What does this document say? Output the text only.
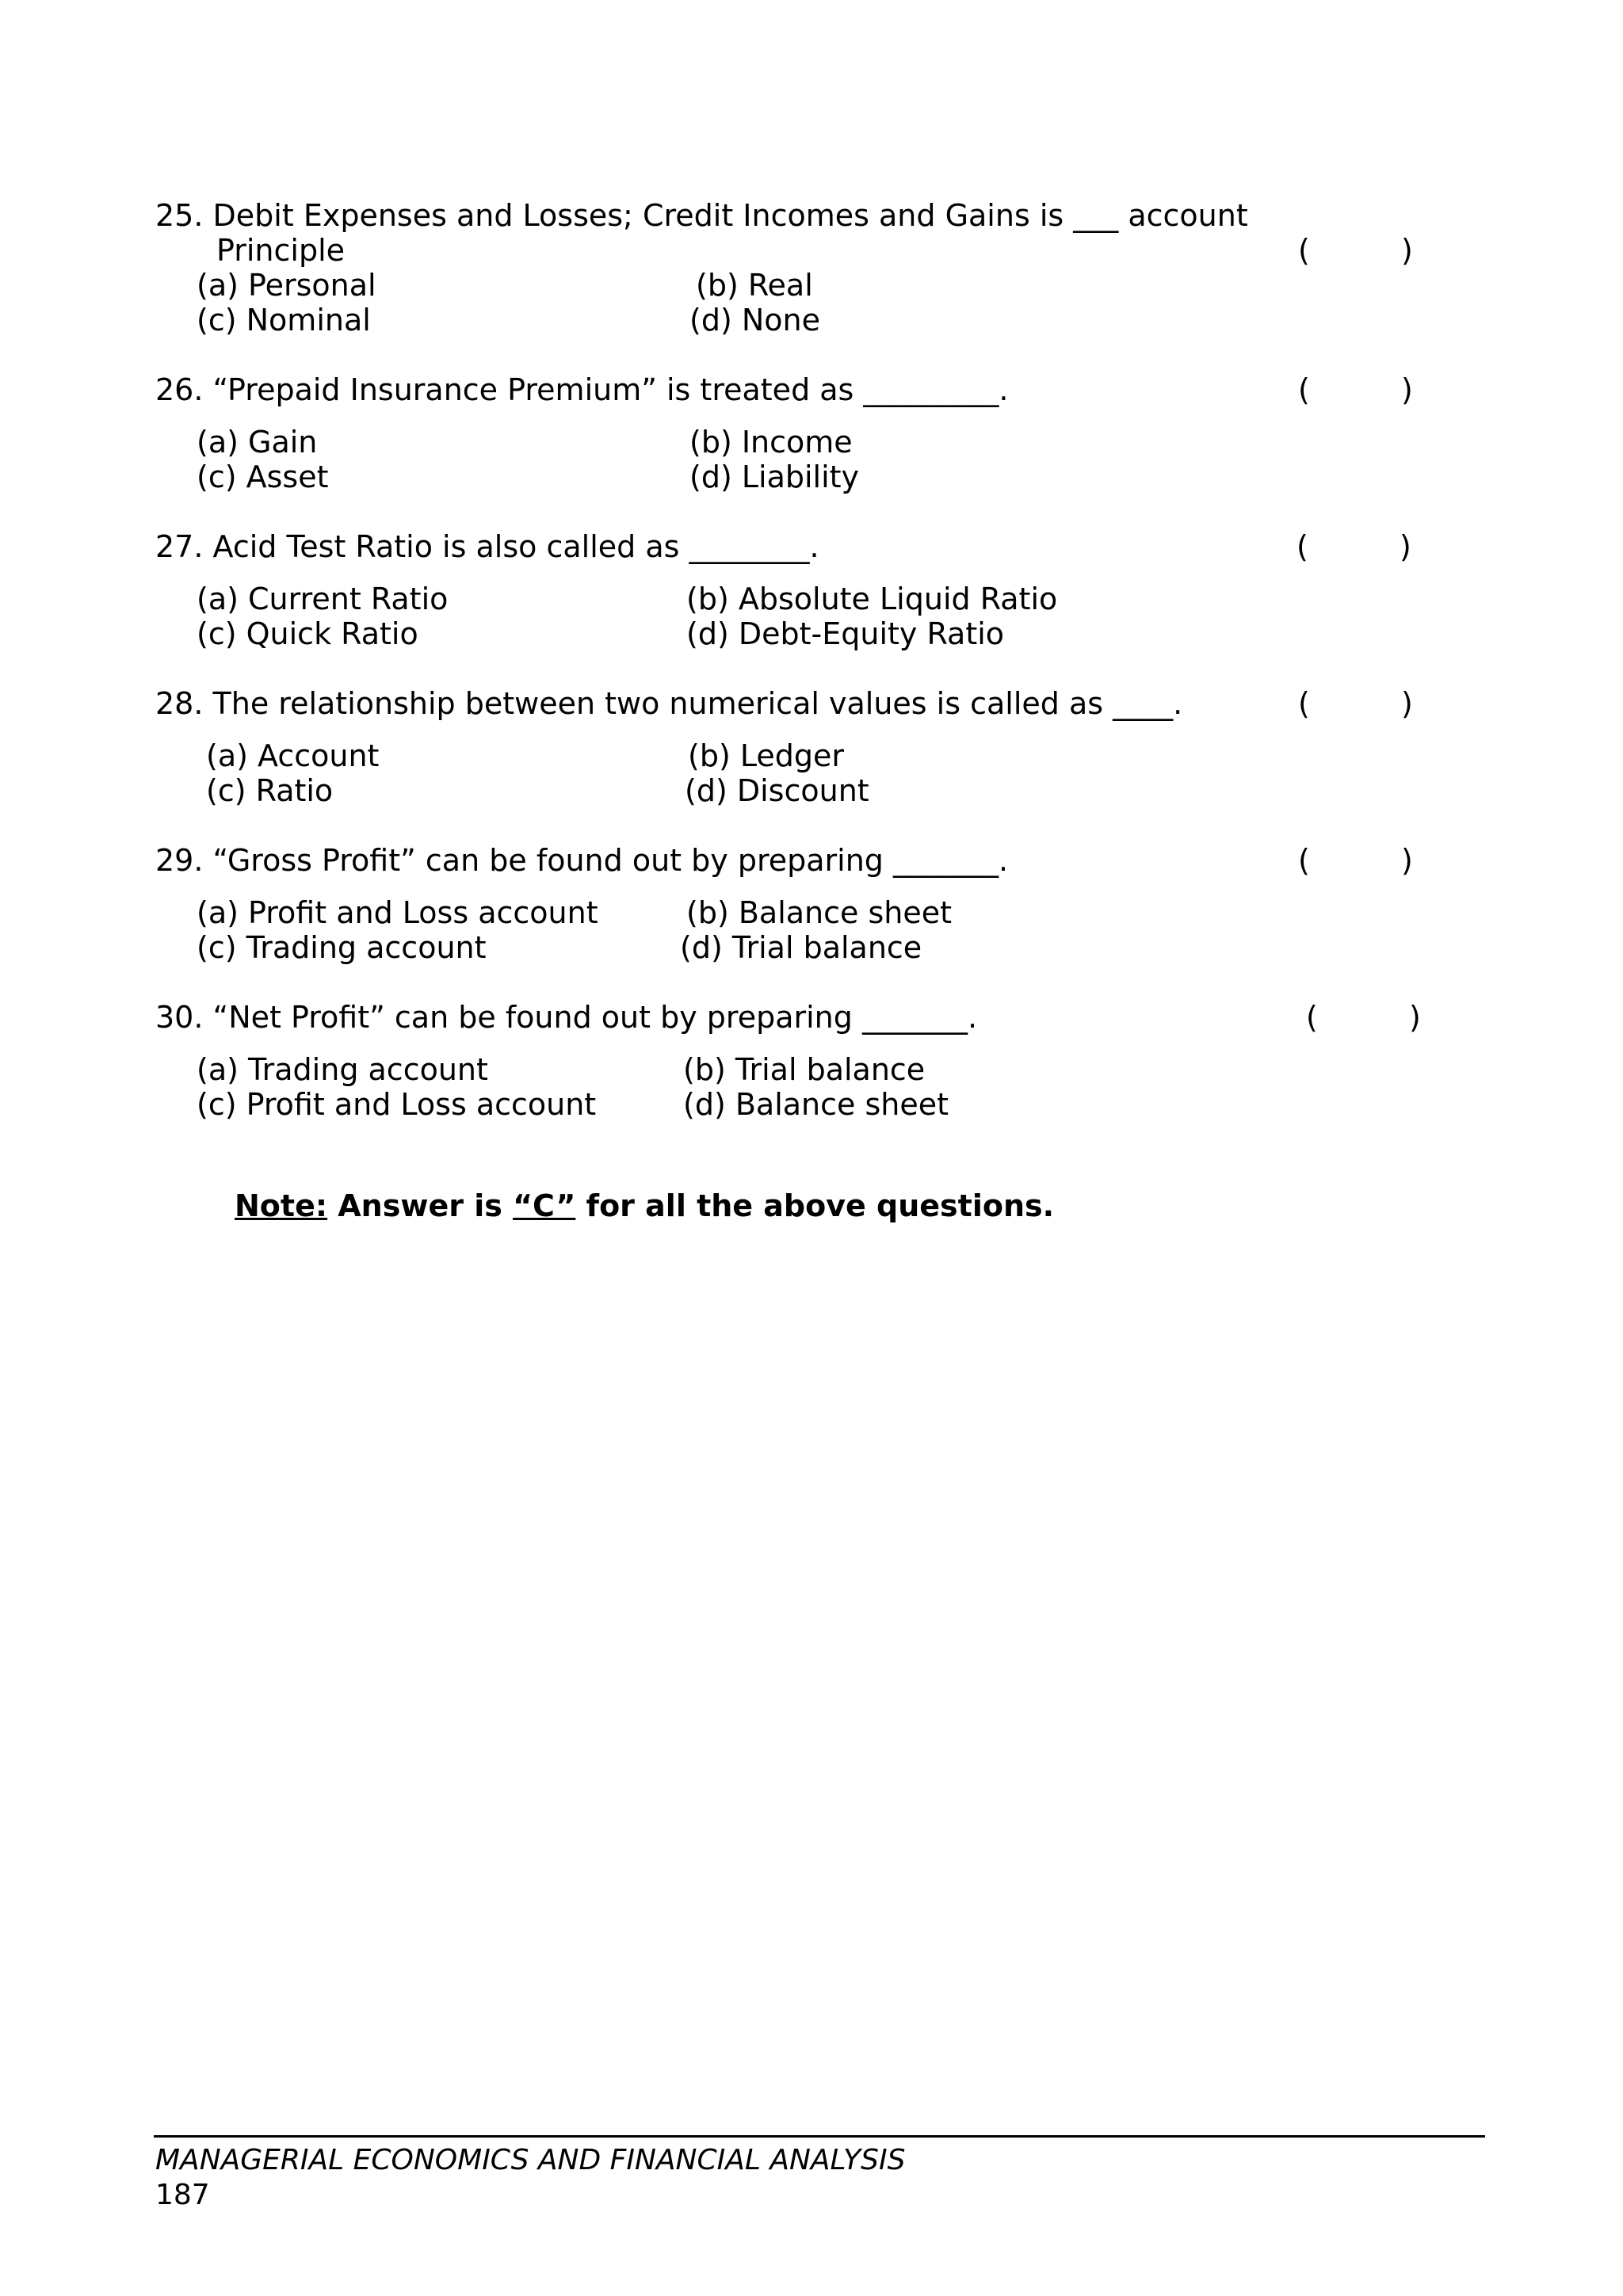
25. Debit Expenses and Losses; Credit Incomes and Gains is ___ account
Principle	(	)
(a) Personal	(b) Real
(c) Nominal	(d) None
26. “Prepaid Insurance Premium” is treated as _________.	(	)
(a) Gain	(b) Income
(c) Asset	(d) Liability
27. Acid Test Ratio is also called as ________.	(	)
(a) Current Ratio	(b) Absolute Liquid Ratio
(c) Quick Ratio	(d) Debt-Equity Ratio
28. The relationship between two numerical values is called as ____.	(	)
(a) Account	(b) Ledger
(c) Ratio	(d) Discount
29. “Gross Profit” can be found out by preparing _______.	(	)
(a) Profit and Loss account	(b) Balance sheet
(c) Trading account	(d) Trial balance
30. “Net Profit” can be found out by preparing _______.	(	)
(a) Trading account	(b) Trial balance
(c) Profit and Loss account	(d) Balance sheet
Note: Answer is “C” for all the above questions.
MANAGERIAL ECONOMICS AND FINANCIAL ANALYSIS
187
